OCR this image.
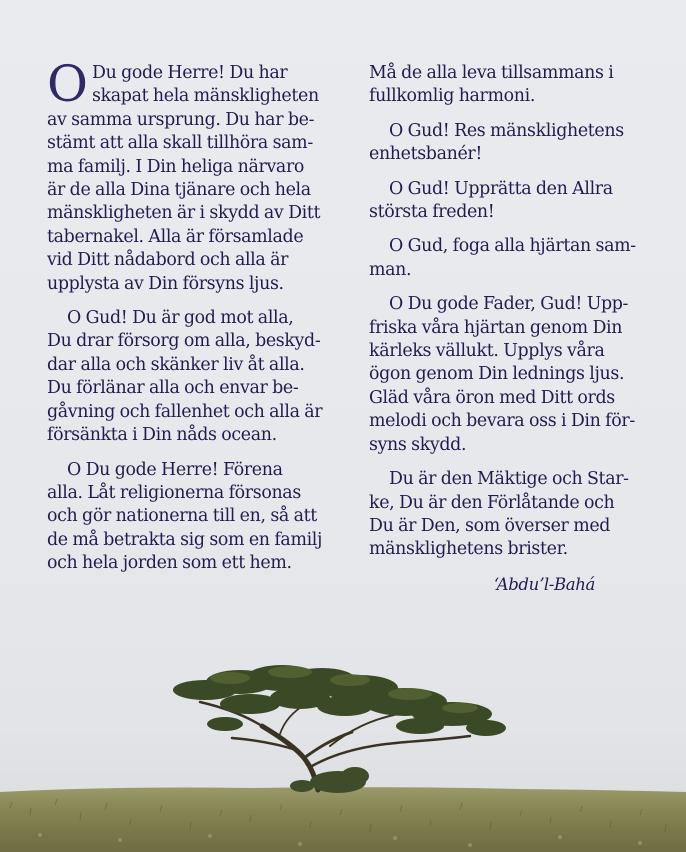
O Du gode Herre! Du har
skapat hela mänskligheten
av samma ursprung. Du har be-
stämt att alla skall tillhöra sam-
ma familj. I Din heliga närvaro
är de alla Dina tjänare och hela
mänskligheten är i skydd av Ditt
tabernakel. Alla är församlade
vid Ditt nådabord och alla är
upplysta av Din försyns ljus.

O Gud! Du är god mot alla,
Du drar försorg om alla, beskyd-
dar alla och skänker liv åt alla.
Du förlänar alla och envar be-
gåvning och fallenhet och alla är
försänkta i Din nåds ocean.

O Du gode Herre! Förena
alla. Låt religionerna försonas
och gör nationerna till en, så att
de må betrakta sig som en familj
och hela jorden som ett hem.

Må de alla leva tillsammans i
fullkomlig harmoni.

O Gud! Res mänsklighetens
enhetsbanér!

O Gud! Upprätta den Allra
största freden!

O Gud, foga alla hjärtan sam-
man.

O Du gode Fader, Gud! Upp-
friska våra hjärtan genom Din
kärleks vällukt. Upplys våra
ögon genom Din lednings ljus.
Gläd våra öron med Ditt ords
melodi och bevara oss i Din för-
syns skydd.

Du är den Mäktige och Star-
ke, Du är den Förlåtande och
Du är Den, som överser med
mänsklighetens brister.

ʻAbduʼl-Bahá
